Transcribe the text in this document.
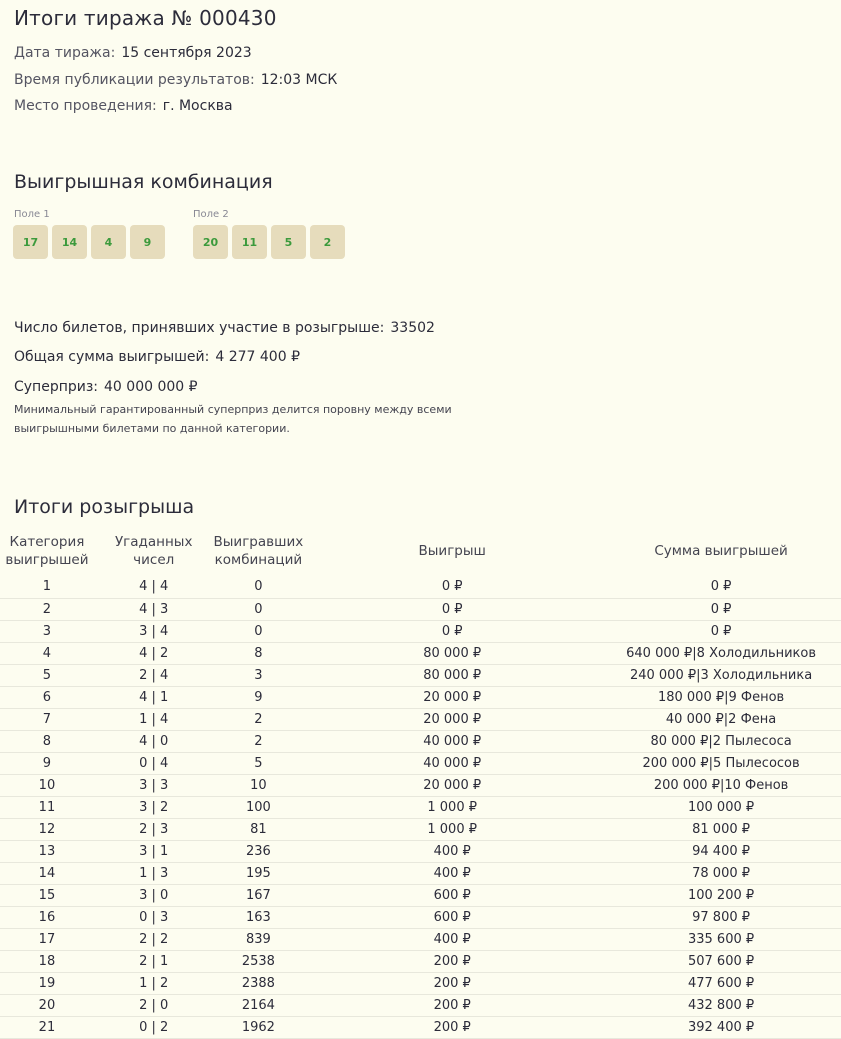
Итоги тиража № 000430
Дата тиража: 15 сентября 2023
Время публикации результатов: 12:03 МСК
Место проведения: г. Москва
Выигрышная комбинация
Поле 1
17	14	4	9
Поле 2
20	11	5	2
Число билетов, принявших участие в розыгрыше: 33502
Общая сумма выигрышей: 4 277 400 ₽
Суперприз: 40 000 000 ₽
Минимальный гарантированный суперприз делится поровну между всеми выигрышными билетами по данной категории.
Итоги розыгрыша
Категория выигрышей	Угаданных чисел	Выигравших комбинаций	Выигрыш	Сумма выигрышей
1	4 | 4	0	0 ₽	0 ₽
2	4 | 3	0	0 ₽	0 ₽
3	3 | 4	0	0 ₽	0 ₽
4	4 | 2	8	80 000 ₽	640 000 ₽|8 Холодильников
5	2 | 4	3	80 000 ₽	240 000 ₽|3 Холодильника
6	4 | 1	9	20 000 ₽	180 000 ₽|9 Фенов
7	1 | 4	2	20 000 ₽	40 000 ₽|2 Фена
8	4 | 0	2	40 000 ₽	80 000 ₽|2 Пылесоса
9	0 | 4	5	40 000 ₽	200 000 ₽|5 Пылесосов
10	3 | 3	10	20 000 ₽	200 000 ₽|10 Фенов
11	3 | 2	100	1 000 ₽	100 000 ₽
12	2 | 3	81	1 000 ₽	81 000 ₽
13	3 | 1	236	400 ₽	94 400 ₽
14	1 | 3	195	400 ₽	78 000 ₽
15	3 | 0	167	600 ₽	100 200 ₽
16	0 | 3	163	600 ₽	97 800 ₽
17	2 | 2	839	400 ₽	335 600 ₽
18	2 | 1	2538	200 ₽	507 600 ₽
19	1 | 2	2388	200 ₽	477 600 ₽
20	2 | 0	2164	200 ₽	432 800 ₽
21	0 | 2	1962	200 ₽	392 400 ₽
